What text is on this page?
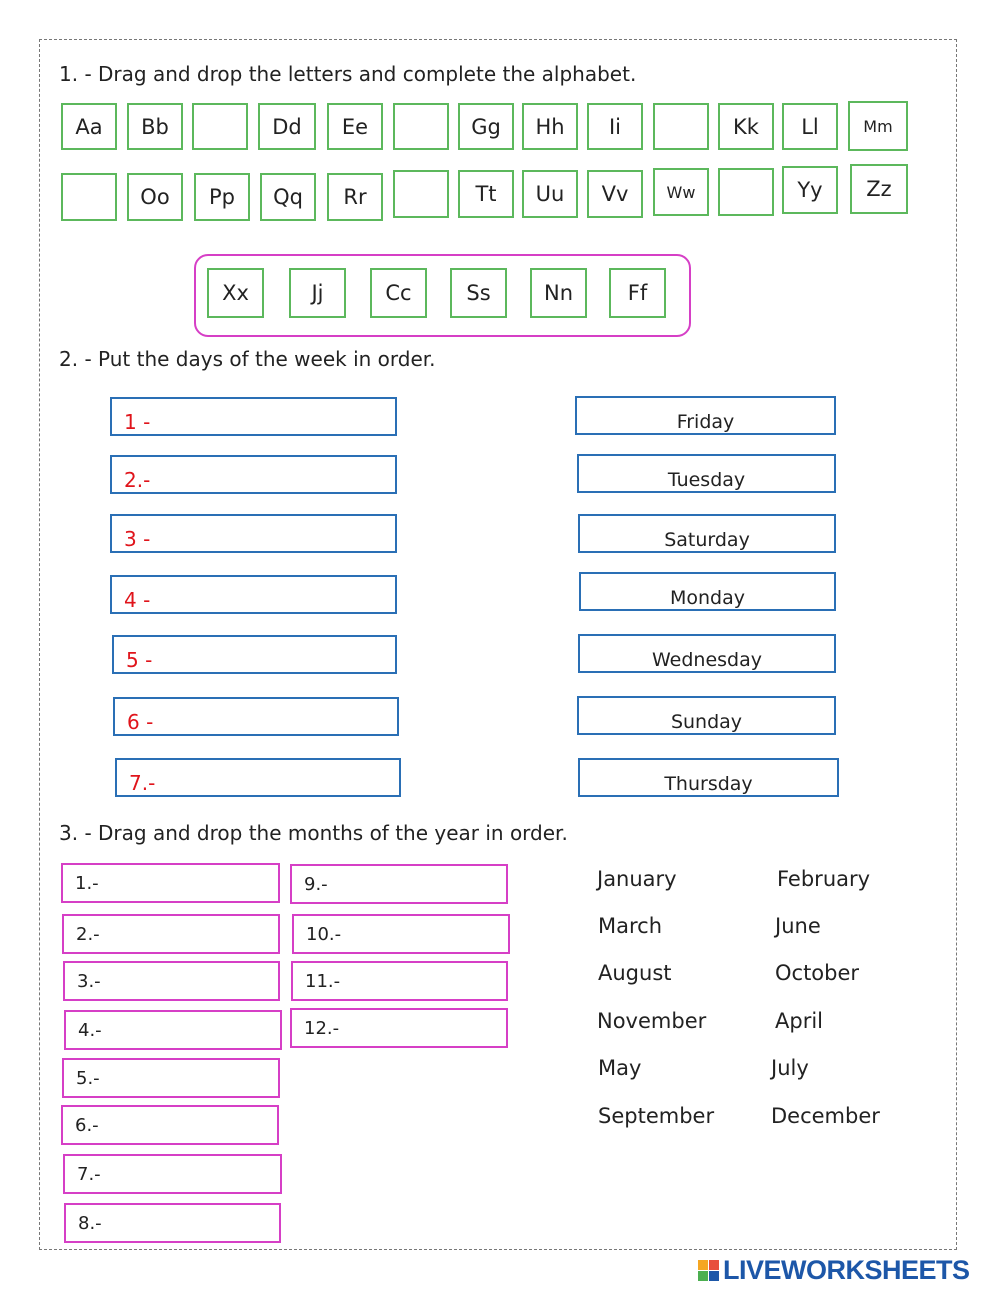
1. - Drag and drop the letters and complete the alphabet.
Aa	Bb	Dd	Ee	Gg	Hh	Ii	Kk	Ll	Mm
Oo	Pp	Qq	Rr	Tt	Uu	Vv	Ww	Yy	Zz
Xx	Jj	Cc	Ss	Nn	Ff
2. - Put the days of the week in order.
1 -
2.-
3 -
4 -
5 -
6 -
7.-
Friday
Tuesday
Saturday
Monday
Wednesday
Sunday
Thursday
3. - Drag and drop the months of the year in order.
1.-
2.-
3.-
4.-
5.-
6.-
7.-
8.-
9.-
10.-
11.-
12.-
January	February
March	June
August	October
November	April
May	July
September	December
LIVEWORKSHEETS
